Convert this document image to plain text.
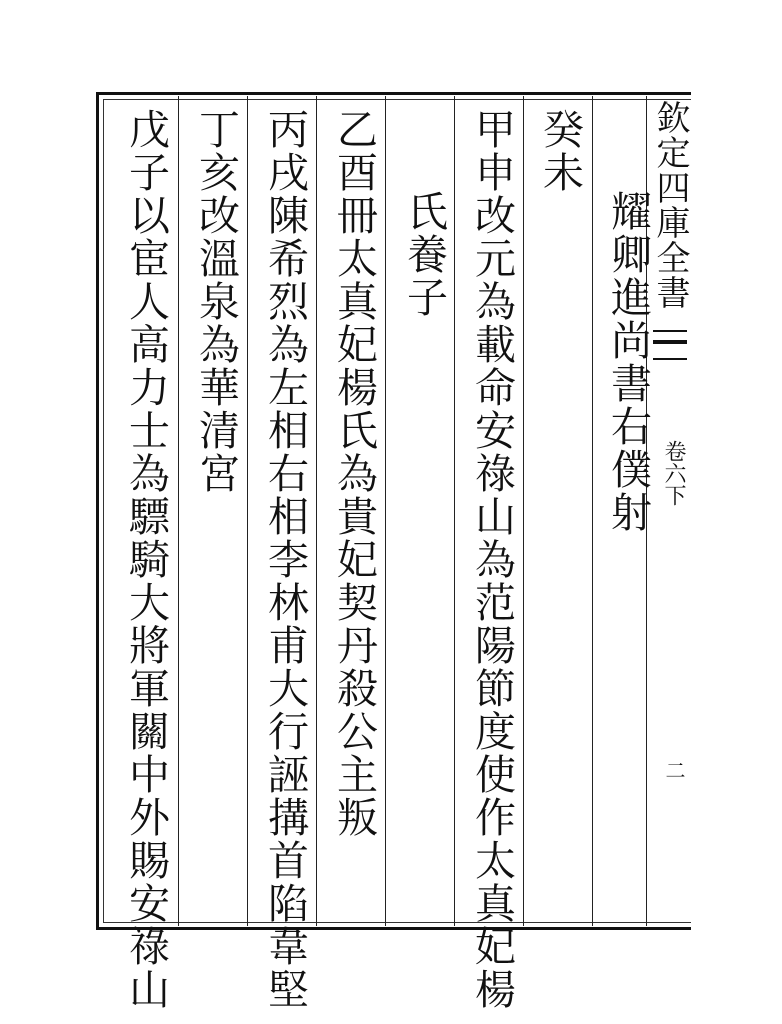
欽定四庫全書
卷六下
二
耀卿進尚書右僕射
癸未
甲申改元為載命安祿山為范陽節度使作太真妃楊
氏養子
乙酉冊太真妃楊氏為貴妃契丹殺公主叛
丙戌陳希烈為左相右相李林甫大行誣搆首陷韋堅
丁亥改溫泉為華清宮
戊子以宦人高力士為驃騎大將軍關中外賜安祿山
